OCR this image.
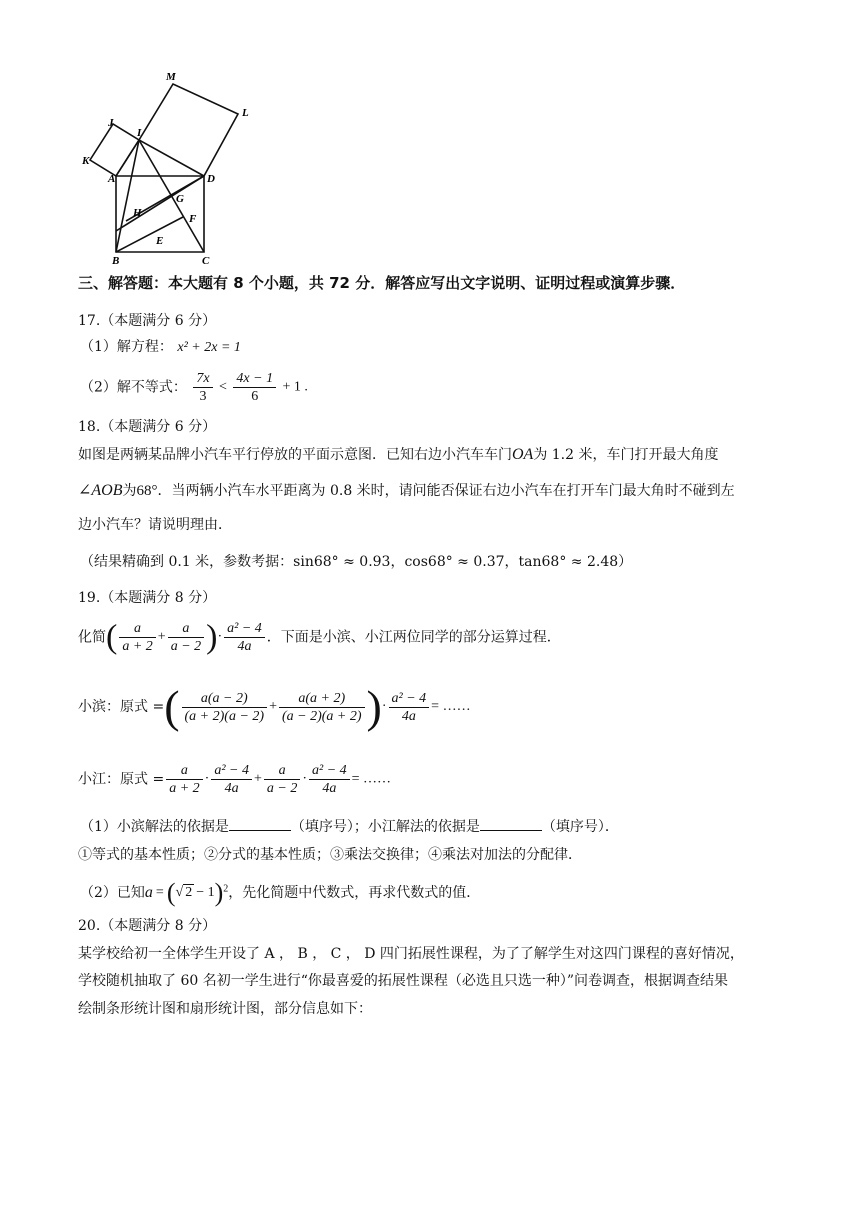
M
L
J
I
K
A	D
G
H	F
E
B	C
三、解答题：本大题有 8 个小题，共 72 分．解答应写出文字说明、证明过程或演算步骤．
17.（本题满分 6 分）
（1）解方程： x² + 2x = 1
（2）解不等式： $\frac{7x}{3} < \frac{4x - 1}{6} + 1$ .
18.（本题满分 6 分）
如图是两辆某品牌小汽车平行停放的平面示意图．已知右边小汽车车门OA为 1.2 米，车门打开最大角度
∠AOB为68°．当两辆小汽车水平距离为 0.8 米时，请问能否保证右边小汽车在打开车门最大角时不碰到左
边小汽车？请说明理由．
（结果精确到 0.1 米，参数考据：sin68° ≈ 0.93，cos68° ≈ 0.37，tan68° ≈ 2.48）
19.（本题满分 8 分）
化简( $\frac{a}{a + 2} + \frac{a}{a - 2}$ )· $\frac{\text{a² − 4}}{4a}$ ．下面是小滨、小江两位同学的部分运算过程．
小滨：原式 =( $\frac{a(a - 2)}{(a + 2)(a - 2)} + \frac{a(a + 2)}{(a - 2)(a + 2)}$ )· $\frac{\text{a² − 4}}{4a}$ = ……
小江：原式 = $\frac{a}{a + 2} \cdot \frac{\text{a² − 4}}{4a} + \frac{a}{a - 2} \cdot \frac{\text{a² − 4}}{4a}$ = ……
（1）小滨解法的依据是	（填序号）；小江解法的依据是	（填序号）．
①等式的基本性质；②分式的基本性质；③乘法交换律；④乘法对加法的分配律．
（2）已知a = (√ 2 − 1)$^2$，先化简题中代数式，再求代数式的值．
20.（本题满分 8 分）
某学校给初一全体学生开设了 A ， B ， C ， D 四门拓展性课程，为了了解学生对这四门课程的喜好情况，
学校随机抽取了 60 名初一学生进行“你最喜爱的拓展性课程（必选且只选一种）”问卷调查，根据调查结果
绘制条形统计图和扇形统计图，部分信息如下：
